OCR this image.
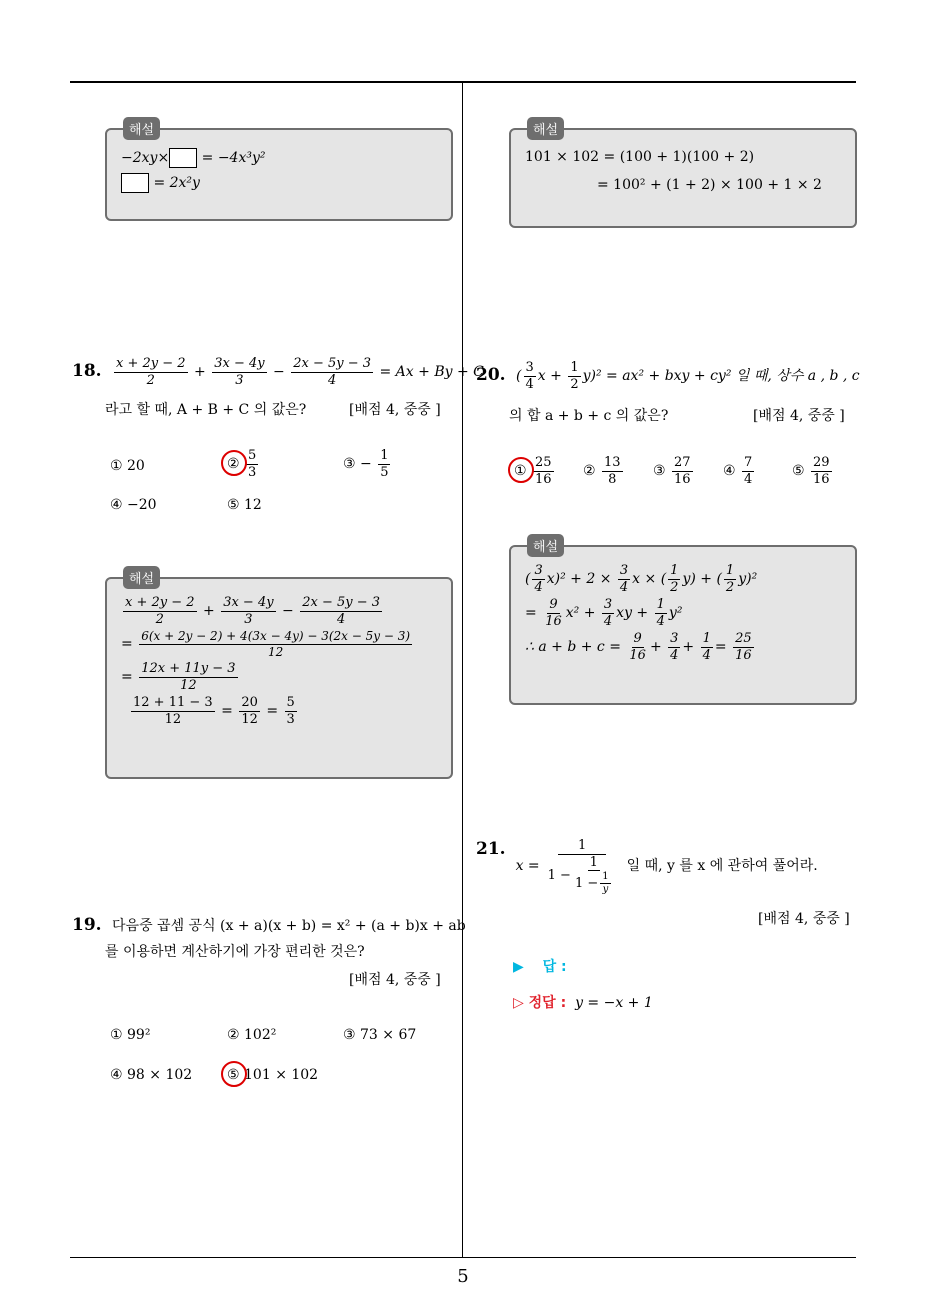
해설
−2xy× = −4x³y²
= 2x²y
해설
101 × 102 = (100 + 1)(100 + 2)
= 100² + (1 + 2) × 100 + 1 × 2
18. $\frac{x + 2y - 2}{2} + \frac{3x - 4y}{3} - \frac{2x - 5y - 3}{4} = Ax + By + C$
라고 할 때, A + B + C 의 값은?	[배점 4, 중중 ]
① 20	② $\frac{5}{3}$	③ − $\frac{1}{5}$
④ −20	⑤ 12
해설
$\frac{x + 2y - 2}{2} + \frac{3x - 4y}{3} - \frac{2x - 5y - 3}{4}$
= $\frac{6(x + 2y - 2) + 4(3x - 4y) - 3(2x - 5y - 3)}{12}$
= $\frac{12x + 11y - 3}{12}$
$\frac{12 + 11 - 3}{12} = \frac{20}{12} = \frac{5}{3}$
19. 다음중 곱셈 공식 (x + a)(x + b) = x² + (a + b)x + ab
를 이용하면 계산하기에 가장 편리한 것은?
[배점 4, 중중 ]
① 99²	② 102²	③ 73 × 67
④ 98 × 102 ⑤ 101 × 102
20. ( $\frac{3}{4}$ $x + \frac{1}{2} y)^2 = ax^2$ + bxy + cy² 일 때, 상수 a , b , c
의 합 a + b + c 의 값은?	[배점 4, 중중 ]
① $\frac{25}{16}$ ② $\frac{13}{8}$ ③ $\frac{27}{16}$ ④ $\frac{7}{4}$	⑤ $\frac{29}{16}$
해설
( $\frac{3}{4} x)^2 + 2 \times \frac{3}{4}$ x × ( $\frac{1}{2} y$) + ( $\frac{1}{2} y)^2$
= $\frac{9}{16} x^2 + \frac{3}{4}$ xy + $\frac{1}{4} y^2$
∴ $a + b + c = \frac{9}{16} + \frac{3}{4} + \frac{1}{4} = \frac{25}{16}$
21.
$x = \frac{1}{1 - \frac{1}{1 - \frac{1}{y}}}$ 일 때, y 를 x 에 관하여 풀어라.
[배점 4, 중중 ]
▶ 답 :
▷ 정답 : y = −x + 1
5
